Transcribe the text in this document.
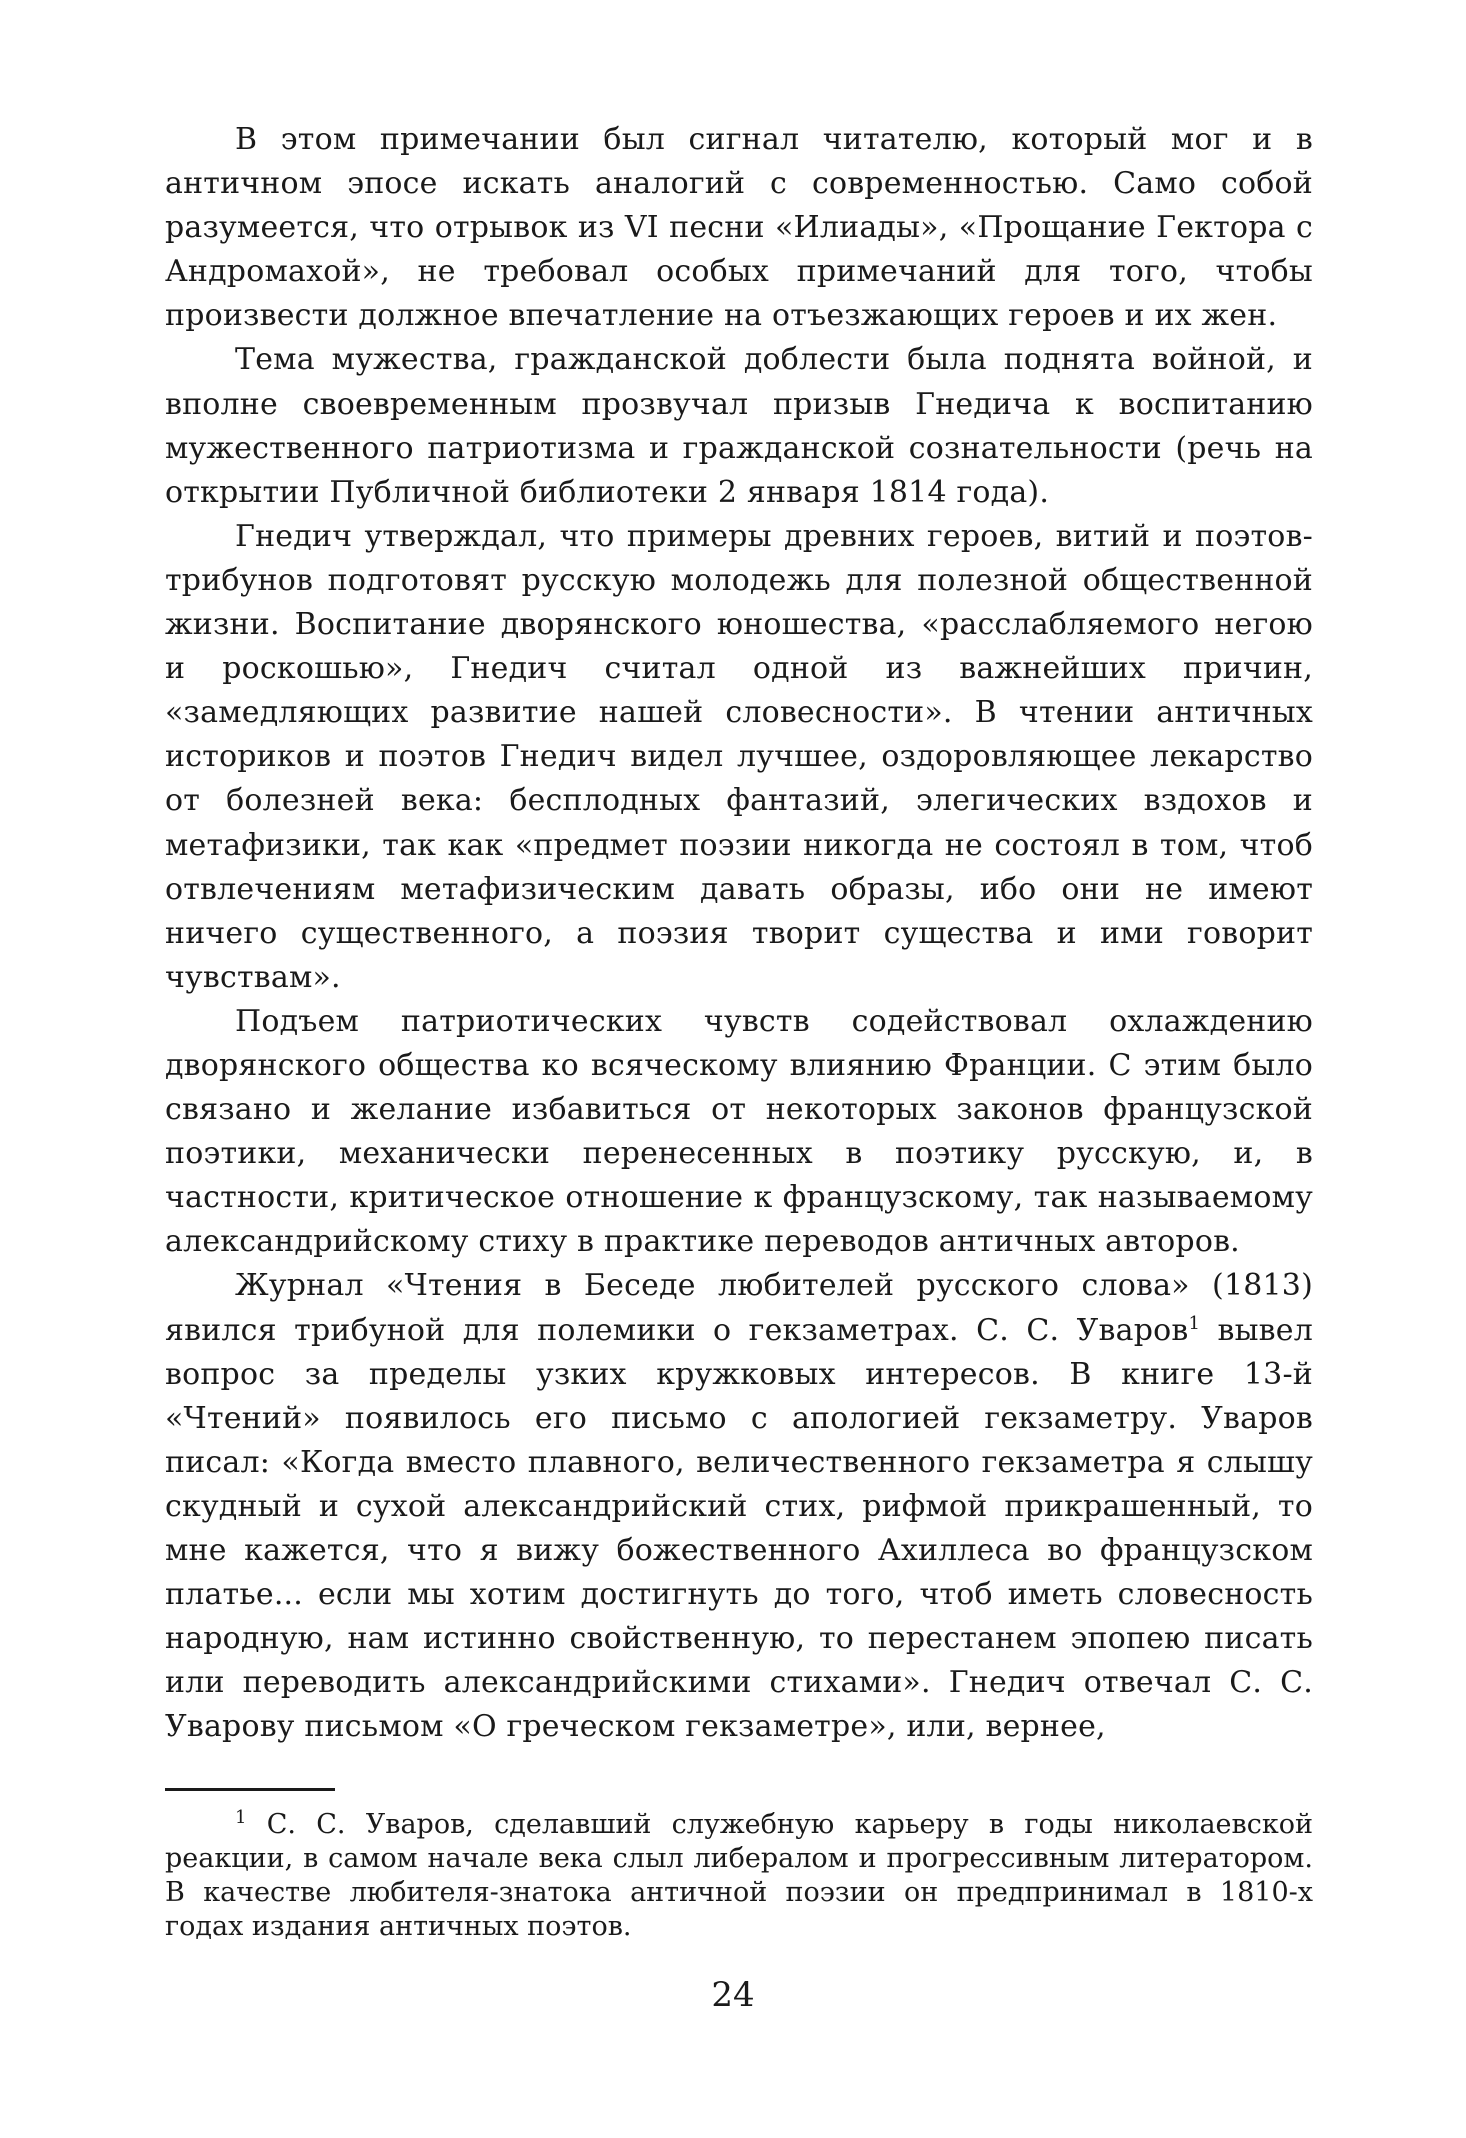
В этом примечании был сигнал читателю, который мог и в античном эпосе искать аналогий с современностью. Само собой разумеется, что отрывок из VI песни «Илиады», «Прощание Гектора с Андромахой», не требовал особых примечаний для того, чтобы произвести должное впечатление на отъезжающих героев и их жен.

Тема мужества, гражданской доблести была поднята войной, и вполне своевременным прозвучал призыв Гнедича к воспитанию мужественного патриотизма и гражданской сознательности (речь на открытии Публичной библиотеки 2 января 1814 года).

Гнедич утверждал, что примеры древних героев, витий и поэтов-трибунов подготовят русскую молодежь для полезной общественной жизни. Воспитание дворянского юношества, «расслабляемого негою и роскошью», Гнедич считал одной из важнейших причин, «замедляющих развитие нашей словесности». В чтении античных историков и поэтов Гнедич видел лучшее, оздоровляющее лекарство от болезней века: бесплодных фантазий, элегических вздохов и метафизики, так как «предмет поэзии никогда не состоял в том, чтоб отвлечениям метафизическим давать образы, ибо они не имеют ничего существенного, а поэзия творит существа и ими говорит чувствам».

Подъем патриотических чувств содействовал охлаждению дворянского общества ко всяческому влиянию Франции. С этим было связано и желание избавиться от некоторых законов французской поэтики, механически перенесенных в поэтику русскую, и, в частности, критическое отношение к французскому, так называемому александрийскому стиху в практике переводов античных авторов.

Журнал «Чтения в Беседе любителей русского слова» (1813) явился трибуной для полемики о гекзаметрах. С. С. Уваров$^1$ вывел вопрос за пределы узких кружковых интересов. В книге 13-й «Чтений» появилось его письмо с апологией гекзаметру. Уваров писал: «Когда вместо плавного, величественного гекзаметра я слышу скудный и сухой александрийский стих, рифмой прикрашенный, то мне кажется, что я вижу божественного Ахиллеса во французском платье... если мы хотим достигнуть до того, чтоб иметь словесность народную, нам истинно свойственную, то перестанем эпопею писать или переводить александрийскими стихами». Гнедич отвечал С. С. Уварову письмом «О греческом гекзаметре», или, вернее,

$^1$ С. С. Уваров, сделавший служебную карьеру в годы николаевской реакции, в самом начале века слыл либералом и прогрессивным литератором. В качестве любителя-знатока античной поэзии он предпринимал в 1810-х годах издания античных поэтов.

24
